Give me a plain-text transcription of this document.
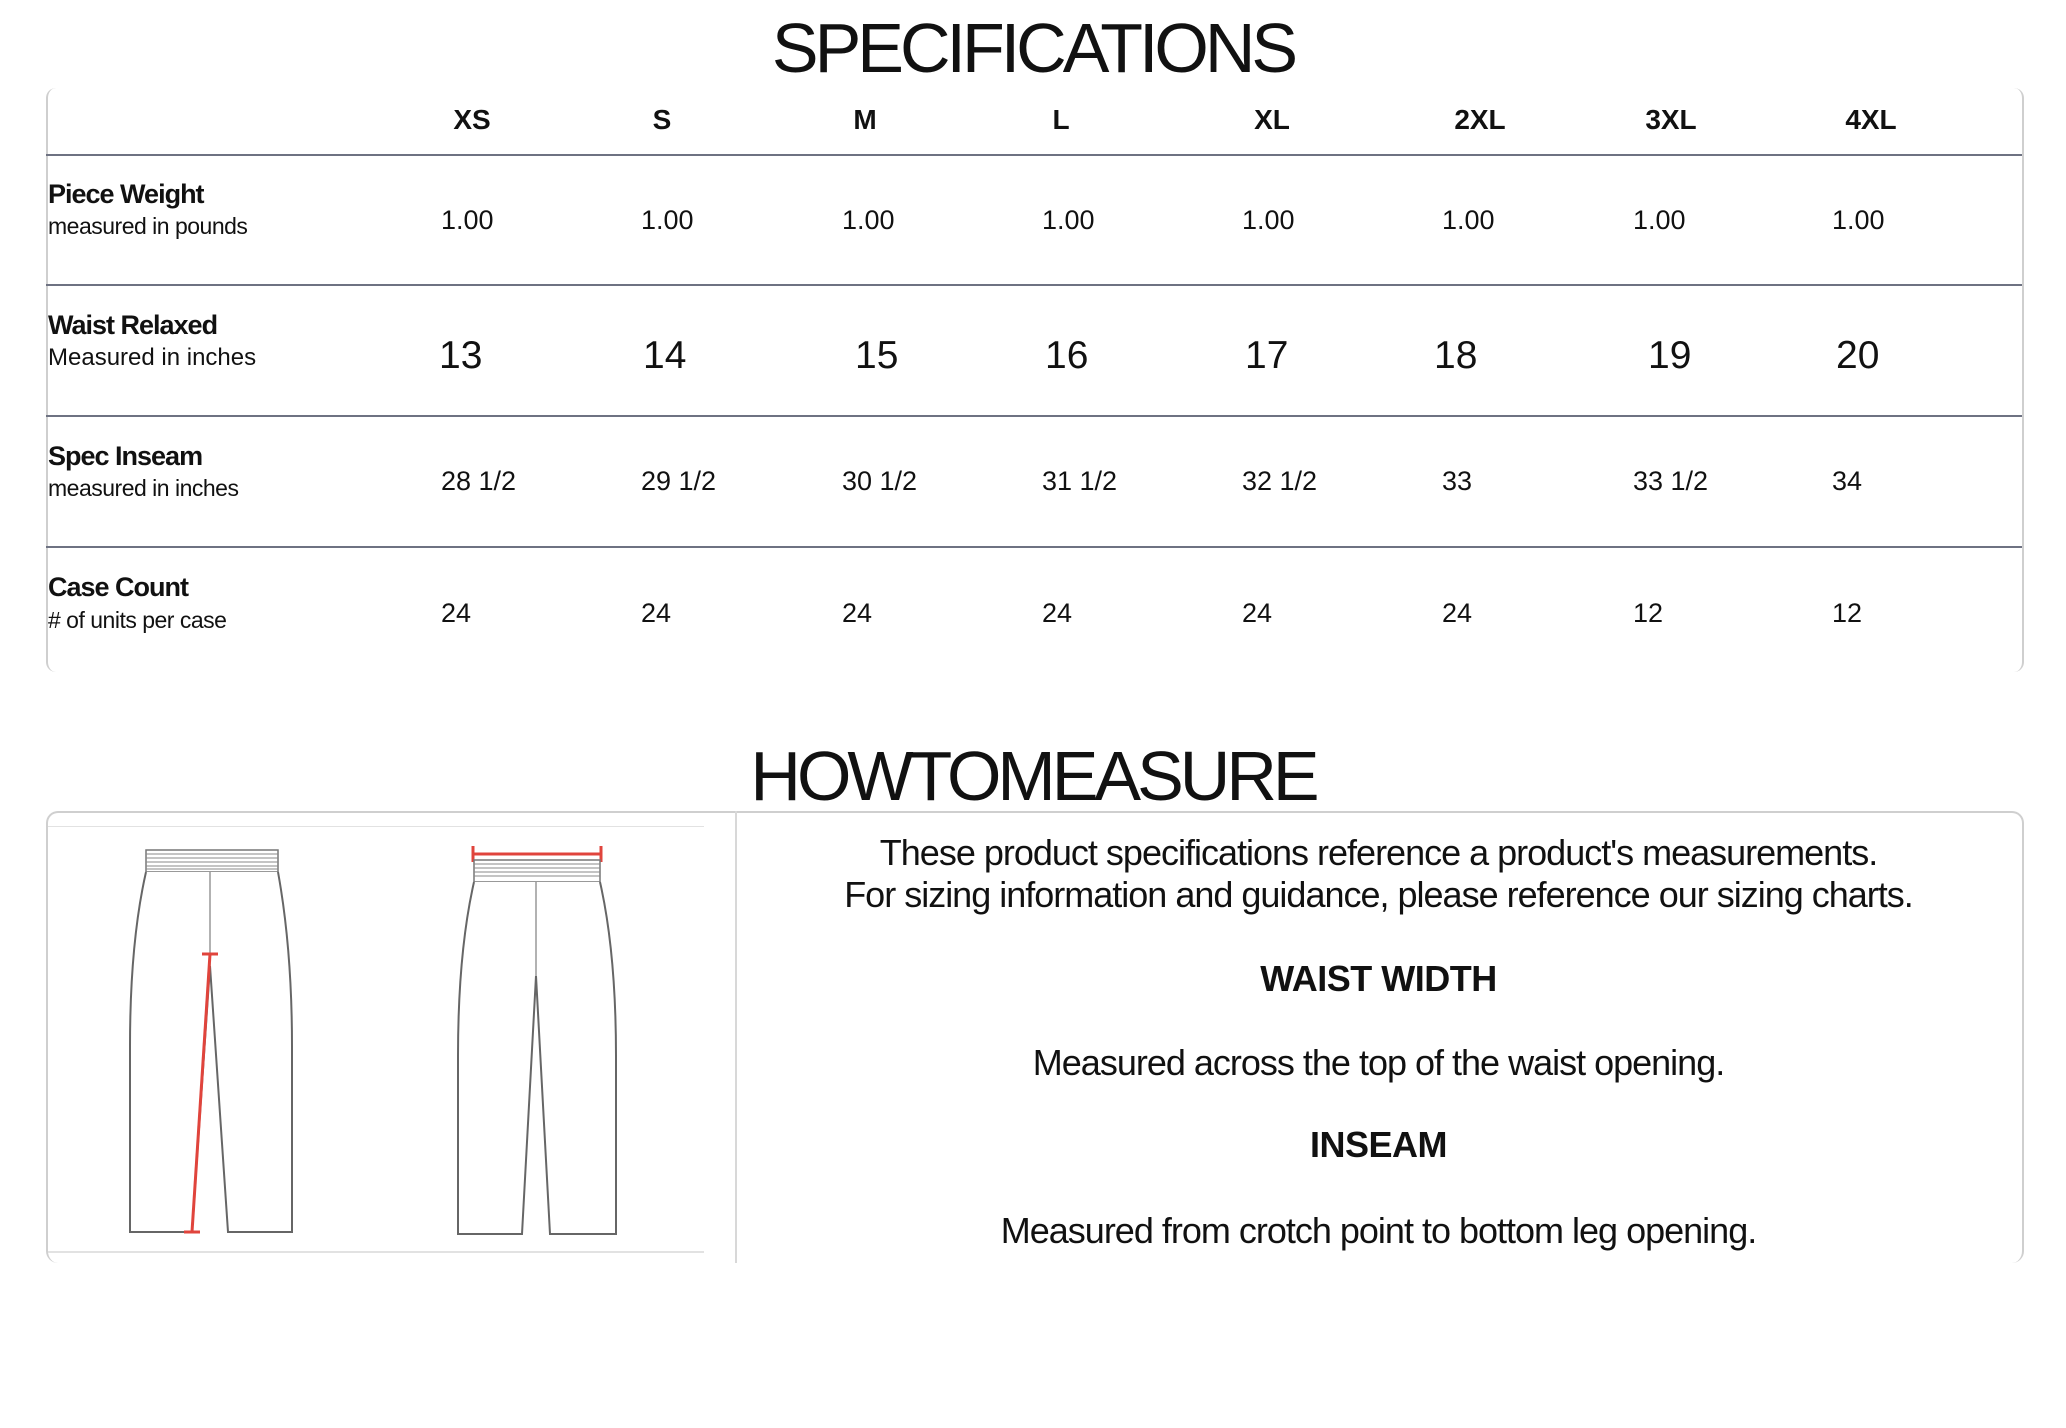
SPECIFICATIONS
XS	S	M	L	XL	2XL	3XL	4XL
Piece Weight
measured in pounds	1.00	1.00	1.00	1.00	1.00	1.00	1.00	1.00
Waist Relaxed
Measured in inches	13	14	15	16	17	18	19	20
Spec Inseam
measured in inches	28 1/2	29 1/2	30 1/2	31 1/2	32 1/2	33	33 1/2	34
Case Count
# of units per case	24	24	24	24	24	24	12	12
HOWTOMEASURE
These product specifications reference a product's measurements.
For sizing information and guidance, please reference our sizing charts.
WAIST WIDTH
Measured across the top of the waist opening.
INSEAM
Measured from crotch point to bottom leg opening.
